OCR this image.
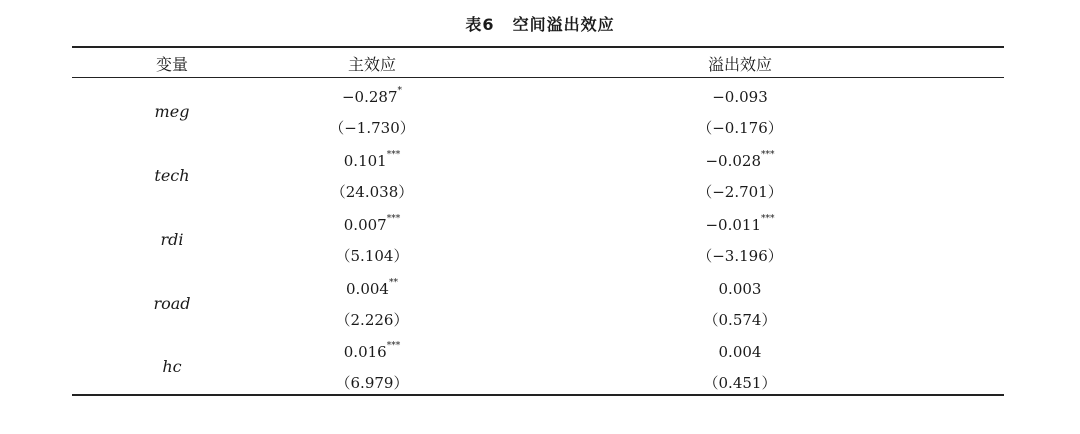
表6 空间溢出效应
变量	主效应	溢出效应
meg
−0.287*
（−1.730）
−0.093
（−0.176）
tech
0.101***
（24.038）
−0.028***
（−2.701）
rdi
0.007***
（5.104）
−0.011***
（−3.196）
road
0.004**
（2.226）
0.003
（0.574）
hc
0.016***
（6.979）
0.004
（0.451）
